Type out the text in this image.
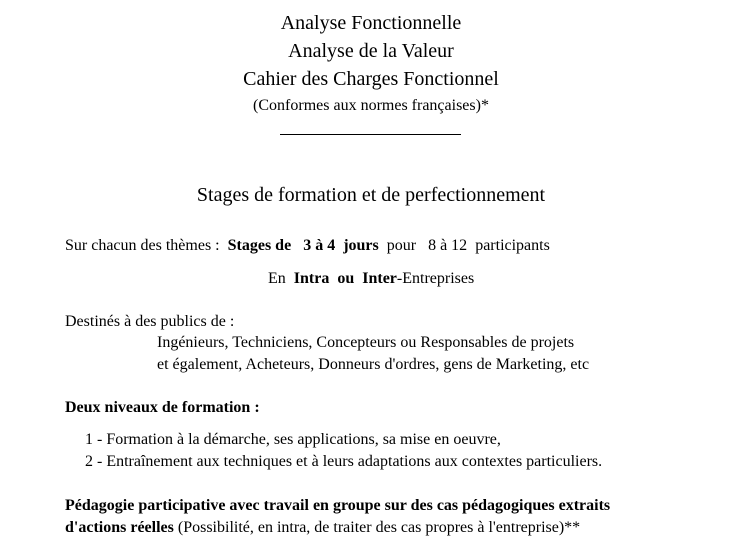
Analyse Fonctionnelle
Analyse de la Valeur
Cahier des Charges Fonctionnel
(Conformes aux normes françaises)*
Stages de formation et de perfectionnement
Sur chacun des thèmes : Stages de 3 à 4 jours pour 8 à 12 participants
En Intra ou Inter-Entreprises
Destinés à des publics de :
Ingénieurs, Techniciens, Concepteurs ou Responsables de projets
et également, Acheteurs, Donneurs d'ordres, gens de Marketing, etc
Deux niveaux de formation :
1 - Formation à la démarche, ses applications, sa mise en oeuvre,
2 - Entraînement aux techniques et à leurs adaptations aux contextes particuliers.
Pédagogie participative avec travail en groupe sur des cas pédagogiques extraits
d'actions réelles (Possibilité, en intra, de traiter des cas propres à l'entreprise)**
